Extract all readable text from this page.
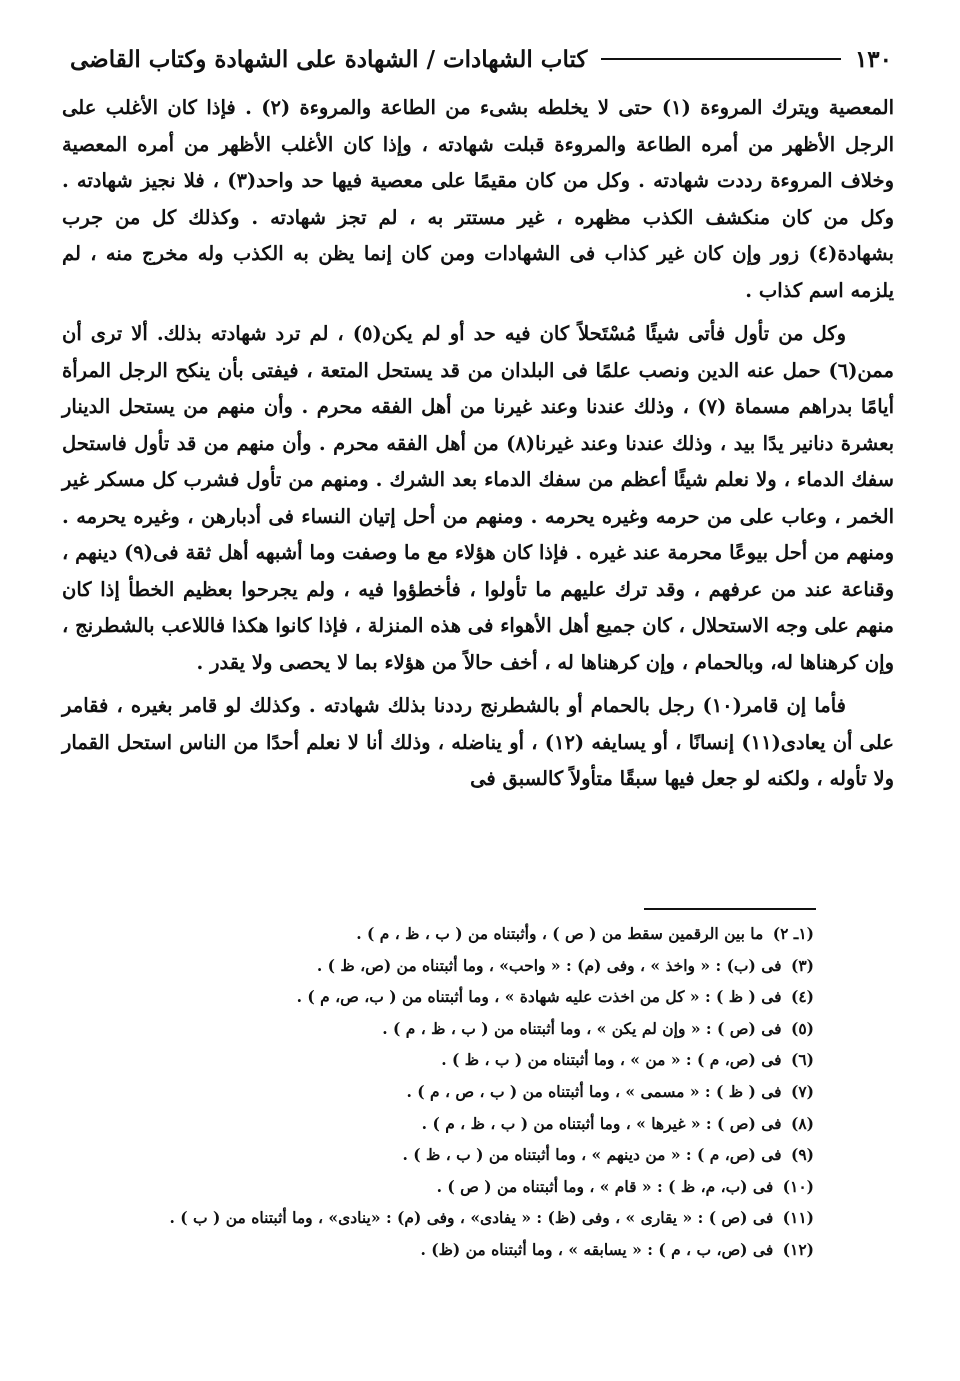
١٣٠
كتاب الشهادات / الشهادة على الشهادة وكتاب القاضى

المعصية ويترك المروءة (١) حتى لا يخلطه بشىء من الطاعة والمروءة (٢) . فإذا كان الأغلب على الرجل الأظهر من أمره الطاعة والمروءة قبلت شهادته ، وإذا كان الأغلب الأظهر من أمره المعصية وخلاف المروءة رددت شهادته . وكل من كان مقيمًا على معصية فيها حد واحد(٣) ، فلا نجيز شهادته . وكل من كان منكشف الكذب مظهره ، غير مستتر به ، لم تجز شهادته . وكذلك كل من جرب بشهادة(٤) زور وإن كان غير كذاب فى الشهادات ومن كان إنما يظن به الكذب وله مخرج منه ، لم يلزمه اسم كذاب .

وكل من تأول فأتى شيئًا مُسْتَحلاً كان فيه حد أو لم يكن(٥) ، لم ترد شهادته بذلك. ألا ترى أن ممن(٦) حمل عنه الدين ونصب علمًا فى البلدان من قد يستحل المتعة ، فيفتى بأن ينكح الرجل المرأة أيامًا بدراهم مسماة (٧) ، وذلك عندنا وعند غيرنا من أهل الفقه محرم . وأن منهم من يستحل الدينار بعشرة دنانير يدًا بيد ، وذلك عندنا وعند غيرنا(٨) من أهل الفقه محرم . وأن منهم من قد تأول فاستحل سفك الدماء ، ولا نعلم شيئًا أعظم من سفك الدماء بعد الشرك . ومنهم من تأول فشرب كل مسكر غير الخمر ، وعاب على من حرمه وغيره يحرمه . ومنهم من أحل إتيان النساء فى أدبارهن ، وغيره يحرمه . ومنهم من أحل بيوعًا محرمة عند غيره . فإذا كان هؤلاء مع ما وصفت وما أشبهه أهل ثقة فى(٩) دينهم ، وقناعة عند من عرفهم ، وقد ترك عليهم ما تأولوا ، فأخطؤوا فيه ، ولم يجرحوا بعظيم الخطأ إذا كان منهم على وجه الاستحلال ، كان جميع أهل الأهواء فى هذه المنزلة ، فإذا كانوا هكذا فاللاعب بالشطرنج ، وإن كرهناها له، وبالحمام ، وإن كرهناها له ، أخف حالاً من هؤلاء بما لا يحصى ولا يقدر .

فأما إن قامر(١٠) رجل بالحمام أو بالشطرنج رددنا بذلك شهادته . وكذلك لو قامر بغيره ، فقامر على أن يعادى(١١) إنسانًا ، أو يسايفه (١٢) ، أو يناضله ، وذلك أنا لا نعلم أحدًا من الناس استحل القمار ولا تأوله ، ولكنه لو جعل فيها سبقًا متأولاً كالسبق فى

(١ـ ٢) ما بين الرقمين سقط من ( ص ) ، وأثبتناه من ( ب ، ظ ، م ) .
(٣) فى (ب) : « واخذ » ، وفى (م) : « واحب» ، وما أثبتناه من (ص، ظ ) .
(٤) فى ( ظ ) : « كل من اخذت عليه شهادة » ، وما أثبتناه من ( ب، ص، م ) .
(٥) فى (ص ) : « وإن لم يكن » ، وما أثبتناه من ( ب ، ظ ، م ) .
(٦) فى (ص، م ) : « من » ، وما أثبتناه من ( ب ، ظ ) .
(٧) فى ( ظ ) : « مسمى » ، وما أثبتناه من ( ب ، ص ، م ) .
(٨) فى (ص ) : « غيرها » ، وما أثبتناه من ( ب ، ظ ، م ) .
(٩) فى (ص، م ) : « من دينهم » ، وما أثبتناه من ( ب ، ظ ) .
(١٠) فى (ب، م، ظ ) : « قام » ، وما أثبتناه من ( ص ) .
(١١) فى (ص ) : « يقارى » ، وفى (ظ) : « يفادى» ، وفى (م) : «ينادى» ، وما أثبتناه من ( ب ) .
(١٢) فى (ص، ب ، م ) : « يسابقه » ، وما أثبتناه من (ظ) .
